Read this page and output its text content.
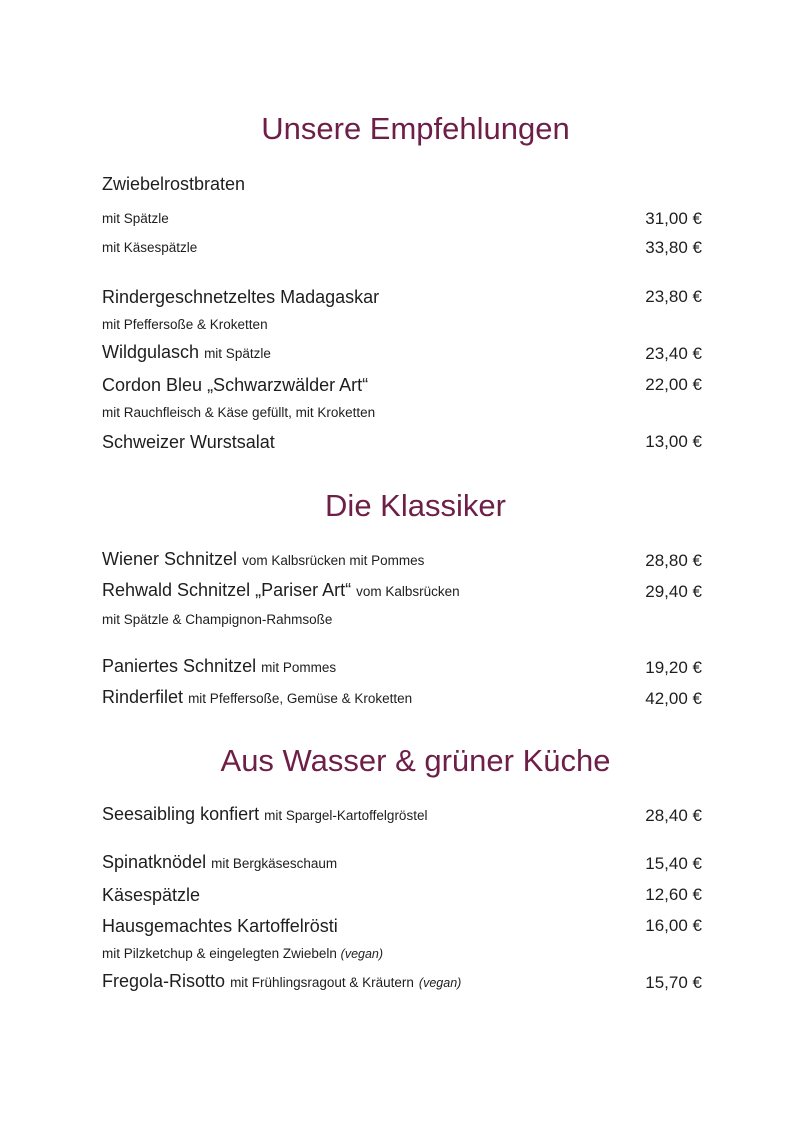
Unsere Empfehlungen
Zwiebelrostbraten
mit Spätzle	31,00 €
mit Käsespätzle	33,80 €
Rindergeschnetzeltes Madagaskar	23,80 €
mit Pfeffersoße & Kroketten
Wildgulasch mit Spätzle	23,40 €
Cordon Bleu „Schwarzwälder Art“	22,00 €
mit Rauchfleisch & Käse gefüllt, mit Kroketten
Schweizer Wurstsalat	13,00 €
Die Klassiker
Wiener Schnitzel vom Kalbsrücken mit Pommes	28,80 €
Rehwald Schnitzel „Pariser Art“ vom Kalbsrücken	29,40 €
mit Spätzle & Champignon-Rahmsoße
Paniertes Schnitzel mit Pommes	19,20 €
Rinderfilet mit Pfeffersoße, Gemüse & Kroketten	42,00 €
Aus Wasser & grüner Küche
Seesaibling konfiert mit Spargel-Kartoffelgröstel	28,40 €
Spinatknödel mit Bergkäseschaum	15,40 €
Käsespätzle	12,60 €
Hausgemachtes Kartoffelrösti	16,00 €
mit Pilzketchup & eingelegten Zwiebeln (vegan)
Fregola-Risotto mit Frühlingsragout & Kräutern (vegan)	15,70 €
